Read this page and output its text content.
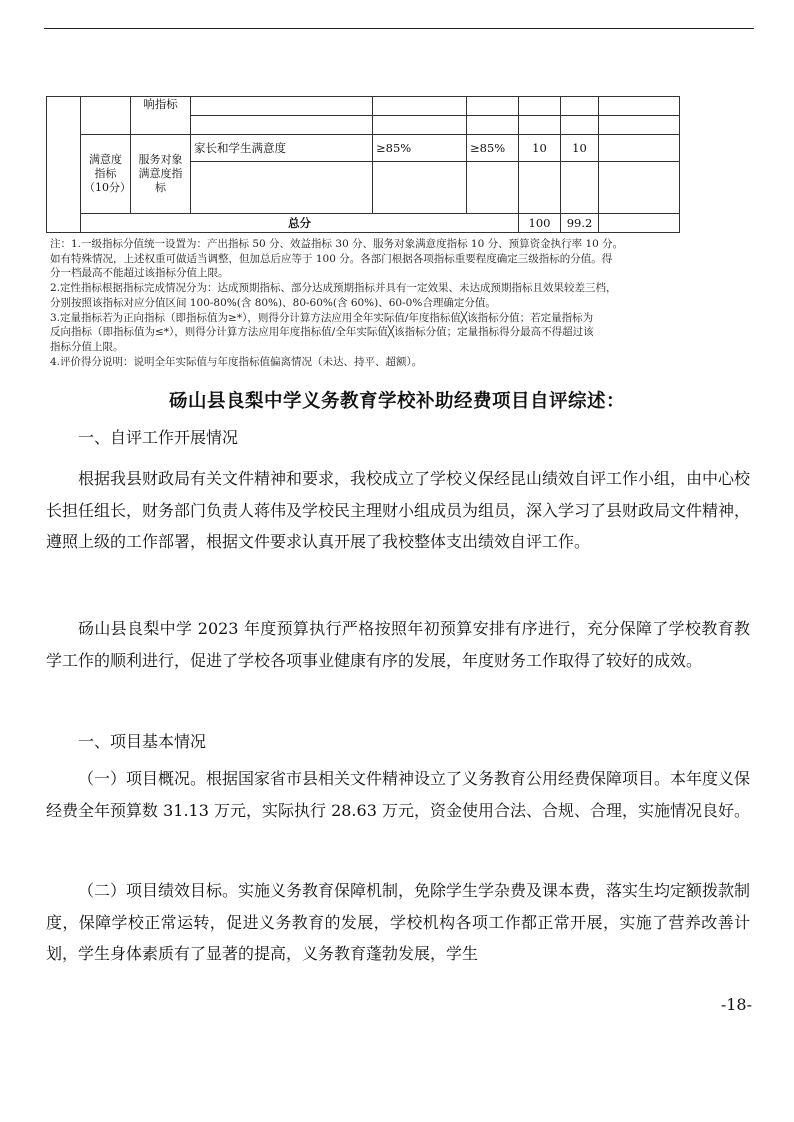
		响指标						

	满意度指标（10分）	服务对象满意度指标	家长和学生满意度	≥85%	≥85%	10	10	

	总分					100	99.2	

注：1.一级指标分值统一设置为：产出指标 50 分、效益指标 30 分、服务对象满意度指标 10 分、预算资金执行率 10 分。

如有特殊情况，上述权重可做适当调整，但加总后应等于 100 分。各部门根据各项指标重要程度确定三级指标的分值。得

分一档最高不能超过该指标分值上限。

2.定性指标根据指标完成情况分为：达成预期指标、部分达成预期指标并具有一定效果、未达成预期指标且效果较差三档，

分别按照该指标对应分值区间 100-80%(含 80%)、80-60%(含 60%)、60-0%合理确定分值。

3.定量指标若为正向指标（即指标值为≥*），则得分计算方法应用全年实际值/年度指标值╳该指标分值；若定量指标为

反向指标（即指标值为≤*），则得分计算方法应用年度指标值/全年实际值╳该指标分值；定量指标得分最高不得超过该

指标分值上限。

4.评价得分说明：说明全年实际值与年度指标值偏离情况（未达、持平、超额）。

砀山县良梨中学义务教育学校补助经费项目自评综述：
一、自评工作开展情况

根据我县财政局有关文件精神和要求，我校成立了学校义保经昆山绩效自评工作小组，由中心校长担任组长，财务部门负责人蒋伟及学校民主理财小组成员为组员，深入学习了县财政局文件精神，遵照上级的工作部署，根据文件要求认真开展了我校整体支出绩效自评工作。

砀山县良梨中学 2023 年度预算执行严格按照年初预算安排有序进行，充分保障了学校教育教学工作的顺利进行，促进了学校各项事业健康有序的发展，年度财务工作取得了较好的成效。

一、项目基本情况

（一）项目概况。根据国家省市县相关文件精神设立了义务教育公用经费保障项目。本年度义保经费全年预算数 31.13 万元，实际执行 28.63 万元，资金使用合法、合规、合理，实施情况良好。

（二）项目绩效目标。实施义务教育保障机制，免除学生学杂费及课本费，落实生均定额拨款制度，保障学校正常运转，促进义务教育的发展，学校机构各项工作都正常开展，实施了营养改善计划，学生身体素质有了显著的提高，义务教育蓬勃发展，学生

-18-
